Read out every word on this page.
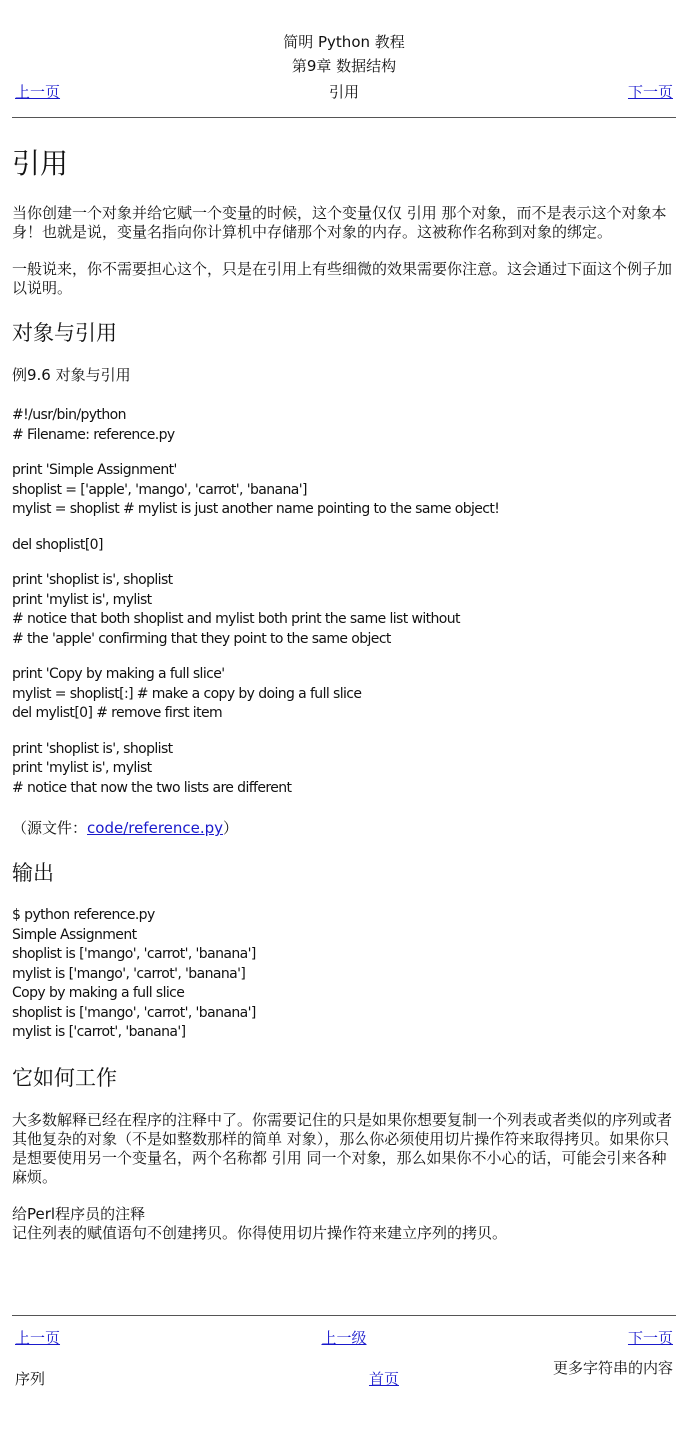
简明 Python 教程
第9章 数据结构
上一页	引用	下一页
引用

当你创建一个对象并给它赋一个变量的时候，这个变量仅仅 引用 那个对象，而不是表示这个对象本身！也就是说，变量名指向你计算机中存储那个对象的内存。这被称作名称到对象的绑定。

一般说来，你不需要担心这个，只是在引用上有些细微的效果需要你注意。这会通过下面这个例子加以说明。

对象与引用
例9.6 对象与引用
#!/usr/bin/python
# Filename: reference.py
print 'Simple Assignment'
shoplist = ['apple', 'mango', 'carrot', 'banana']
mylist = shoplist # mylist is just another name pointing to the same object!
del shoplist[0]
print 'shoplist is', shoplist
print 'mylist is', mylist
# notice that both shoplist and mylist both print the same list without
# the 'apple' confirming that they point to the same object
print 'Copy by making a full slice'
mylist = shoplist[:] # make a copy by doing a full slice
del mylist[0] # remove first item
print 'shoplist is', shoplist
print 'mylist is', mylist
# notice that now the two lists are different
（源文件：code/reference.py）
输出
$ python reference.py
Simple Assignment
shoplist is ['mango', 'carrot', 'banana']
mylist is ['mango', 'carrot', 'banana']
Copy by making a full slice
shoplist is ['mango', 'carrot', 'banana']
mylist is ['carrot', 'banana']
它如何工作

大多数解释已经在程序的注释中了。你需要记住的只是如果你想要复制一个列表或者类似的序列或者其他复杂的对象（不是如整数那样的简单 对象），那么你必须使用切片操作符来取得拷贝。如果你只是想要使用另一个变量名，两个名称都 引用 同一个对象，那么如果你不小心的话，可能会引来各种麻烦。

给Perl程序员的注释
记住列表的赋值语句不创建拷贝。你得使用切片操作符来建立序列的拷贝。
上一页	上一级	下一页
序列	首页
更多字符串的内容
